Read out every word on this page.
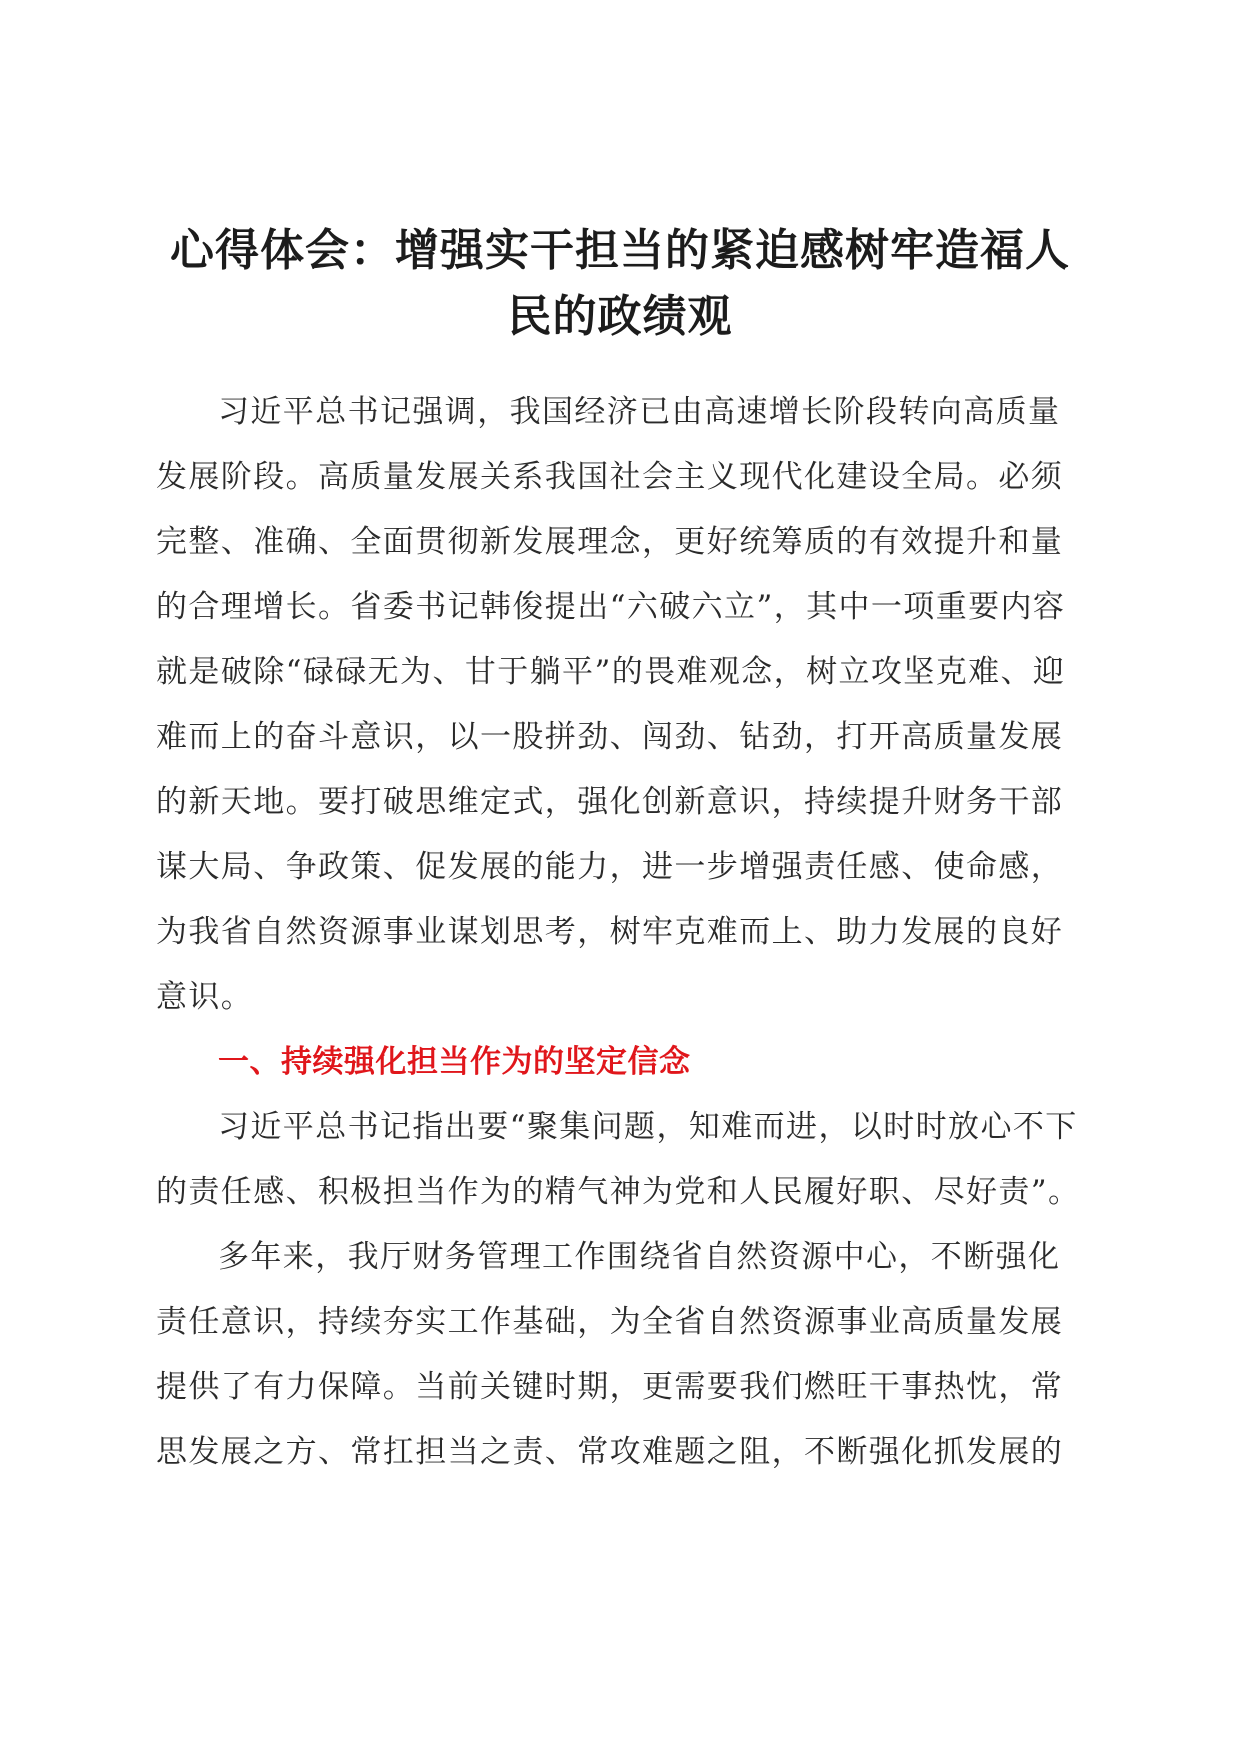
心得体会：增强实干担当的紧迫感树牢造福人民的政绩观

习近平总书记强调，我国经济已由高速增长阶段转向高质量发展阶段。高质量发展关系我国社会主义现代化建设全局。必须完整、准确、全面贯彻新发展理念，更好统筹质的有效提升和量的合理增长。省委书记韩俊提出“六破六立”，其中一项重要内容就是破除“碌碌无为、甘于躺平”的畏难观念，树立攻坚克难、迎难而上的奋斗意识，以一股拼劲、闯劲、钻劲，打开高质量发展的新天地。要打破思维定式，强化创新意识，持续提升财务干部谋大局、争政策、促发展的能力，进一步增强责任感、使命感，为我省自然资源事业谋划思考，树牢克难而上、助力发展的良好意识。

一、持续强化担当作为的坚定信念

习近平总书记指出要“聚集问题，知难而进，以时时放心不下的责任感、积极担当作为的精气神为党和人民履好职、尽好责”。

多年来，我厅财务管理工作围绕省自然资源中心，不断强化责任意识，持续夯实工作基础，为全省自然资源事业高质量发展提供了有力保障。当前关键时期，更需要我们燃旺干事热忱，常思发展之方、常扛担当之责、常攻难题之阻，不断强化抓发展的
